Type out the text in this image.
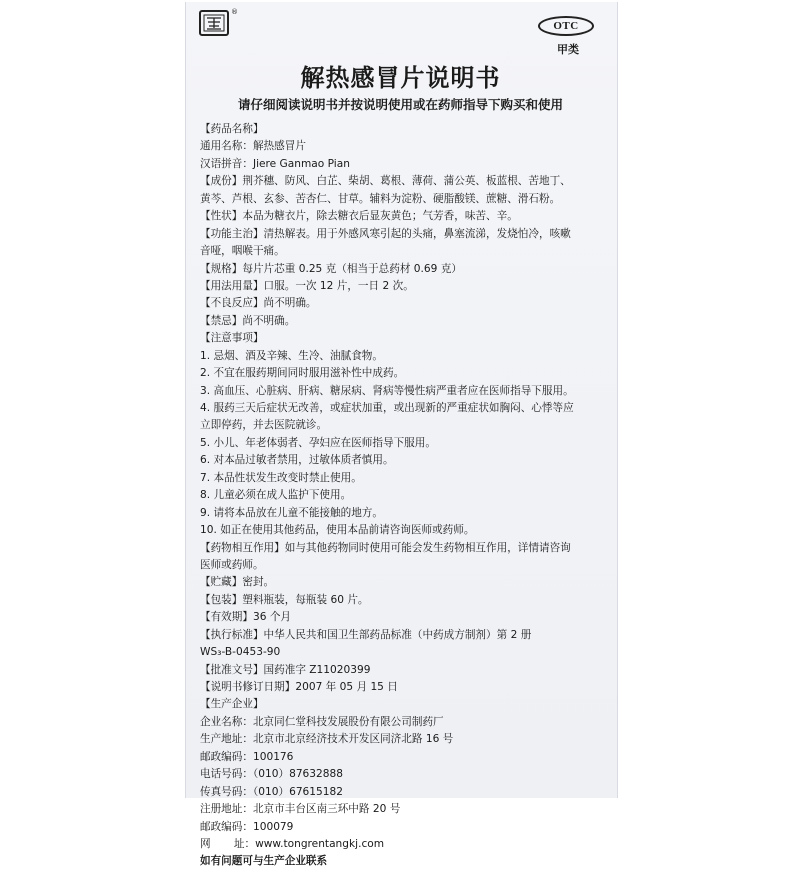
®
OTC
甲类
解热感冒片说明书
请仔细阅读说明书并按说明使用或在药师指导下购买和使用
【药品名称】
通用名称：解热感冒片
汉语拼音：Jiere Ganmao Pian
【成份】荆芥穗、防风、白芷、柴胡、葛根、薄荷、蒲公英、板蓝根、苦地丁、
黄芩、芦根、玄参、苦杏仁、甘草。辅料为淀粉、硬脂酸镁、蔗糖、滑石粉。
【性状】本品为糖衣片，除去糖衣后显灰黄色；气芳香，味苦、辛。
【功能主治】清热解表。用于外感风寒引起的头痛，鼻塞流涕，发烧怕冷，咳嗽
音哑，咽喉干痛。
【规格】每片片芯重 0.25 克（相当于总药材 0.69 克）
【用法用量】口服。一次 12 片，一日 2 次。
【不良反应】尚不明确。
【禁忌】尚不明确。
【注意事项】
1. 忌烟、酒及辛辣、生冷、油腻食物。
2. 不宜在服药期间同时服用滋补性中成药。
3. 高血压、心脏病、肝病、糖尿病、肾病等慢性病严重者应在医师指导下服用。
4. 服药三天后症状无改善，或症状加重，或出现新的严重症状如胸闷、心悸等应
立即停药，并去医院就诊。
5. 小儿、年老体弱者、孕妇应在医师指导下服用。
6. 对本品过敏者禁用，过敏体质者慎用。
7. 本品性状发生改变时禁止使用。
8. 儿童必须在成人监护下使用。
9. 请将本品放在儿童不能接触的地方。
10. 如正在使用其他药品，使用本品前请咨询医师或药师。
【药物相互作用】如与其他药物同时使用可能会发生药物相互作用，详情请咨询
医师或药师。
【贮藏】密封。
【包装】塑料瓶装，每瓶装 60 片。
【有效期】36 个月
【执行标准】中华人民共和国卫生部药品标准（中药成方制剂）第 2 册
WS₃-B-0453-90
【批准文号】国药准字 Z11020399
【说明书修订日期】2007 年 05 月 15 日
【生产企业】
企业名称：北京同仁堂科技发展股份有限公司制药厂
生产地址：北京市北京经济技术开发区同济北路 16 号
邮政编码：100176
电话号码：（010）87632888
传真号码：（010）67615182
注册地址：北京市丰台区南三环中路 20 号
邮政编码：100079
网 址：www.tongrentangkj.com
如有问题可与生产企业联系
